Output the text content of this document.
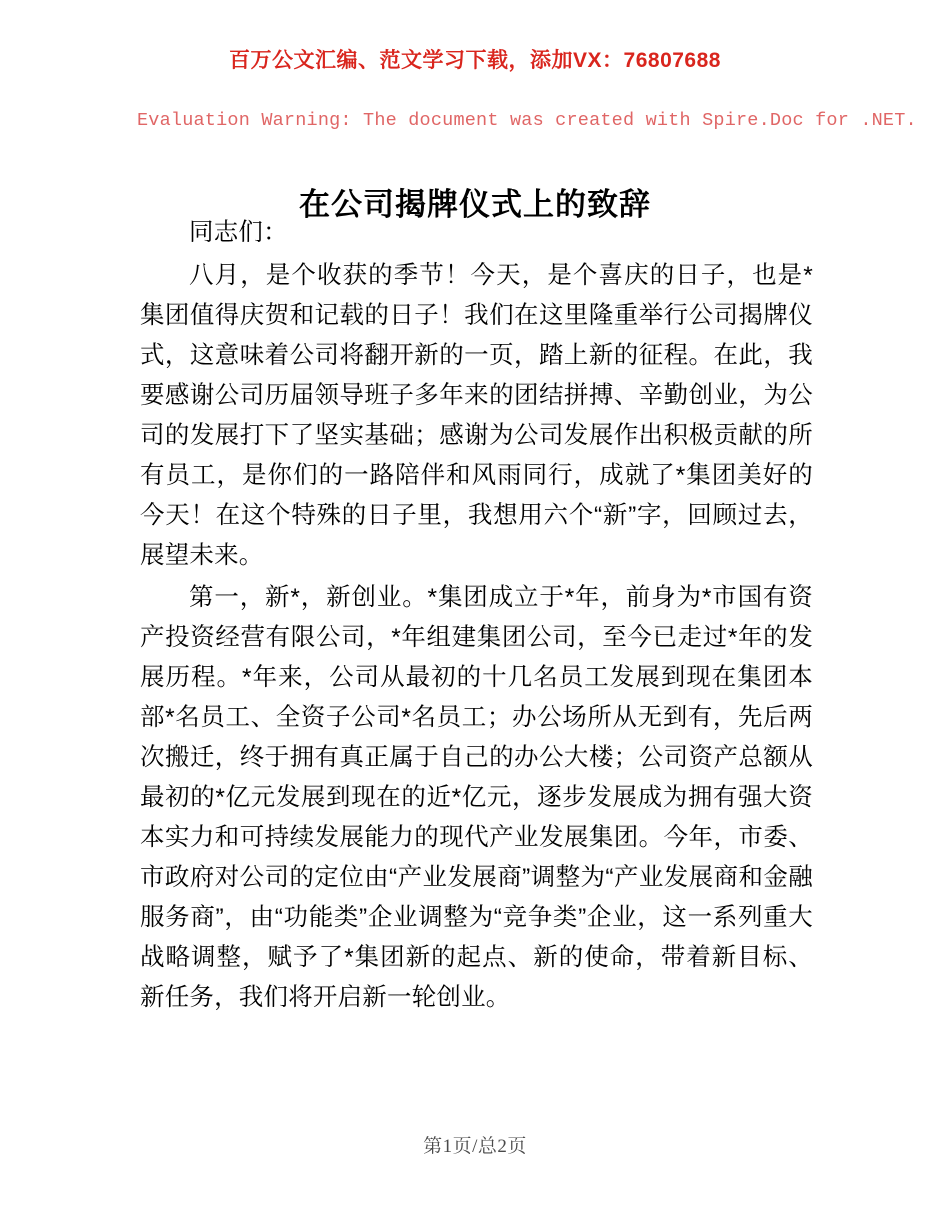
百万公文汇编、范文学习下载，添加VX：76807688
Evaluation Warning: The document was created with Spire.Doc for .NET.
在公司揭牌仪式上的致辞

同志们：

八月，是个收获的季节！今天，是个喜庆的日子，也是*集团值得庆贺和记载的日子！我们在这里隆重举行公司揭牌仪式，这意味着公司将翻开新的一页，踏上新的征程。在此，我要感谢公司历届领导班子多年来的团结拼搏、辛勤创业，为公司的发展打下了坚实基础；感谢为公司发展作出积极贡献的所有员工，是你们的一路陪伴和风雨同行，成就了*集团美好的今天！在这个特殊的日子里，我想用六个“新”字，回顾过去，展望未来。

第一，新*，新创业。*集团成立于*年，前身为*市国有资产投资经营有限公司，*年组建集团公司，至今已走过*年的发展历程。*年来，公司从最初的十几名员工发展到现在集团本部*名员工、全资子公司*名员工；办公场所从无到有，先后两次搬迁，终于拥有真正属于自己的办公大楼；公司资产总额从最初的*亿元发展到现在的近*亿元，逐步发展成为拥有强大资本实力和可持续发展能力的现代产业发展集团。今年，市委、市政府对公司的定位由“产业发展商”调整为“产业发展商和金融服务商”，由“功能类”企业调整为“竞争类”企业，这一系列重大战略调整，赋予了*集团新的起点、新的使命，带着新目标、新任务，我们将开启新一轮创业。

第1页/总2页
